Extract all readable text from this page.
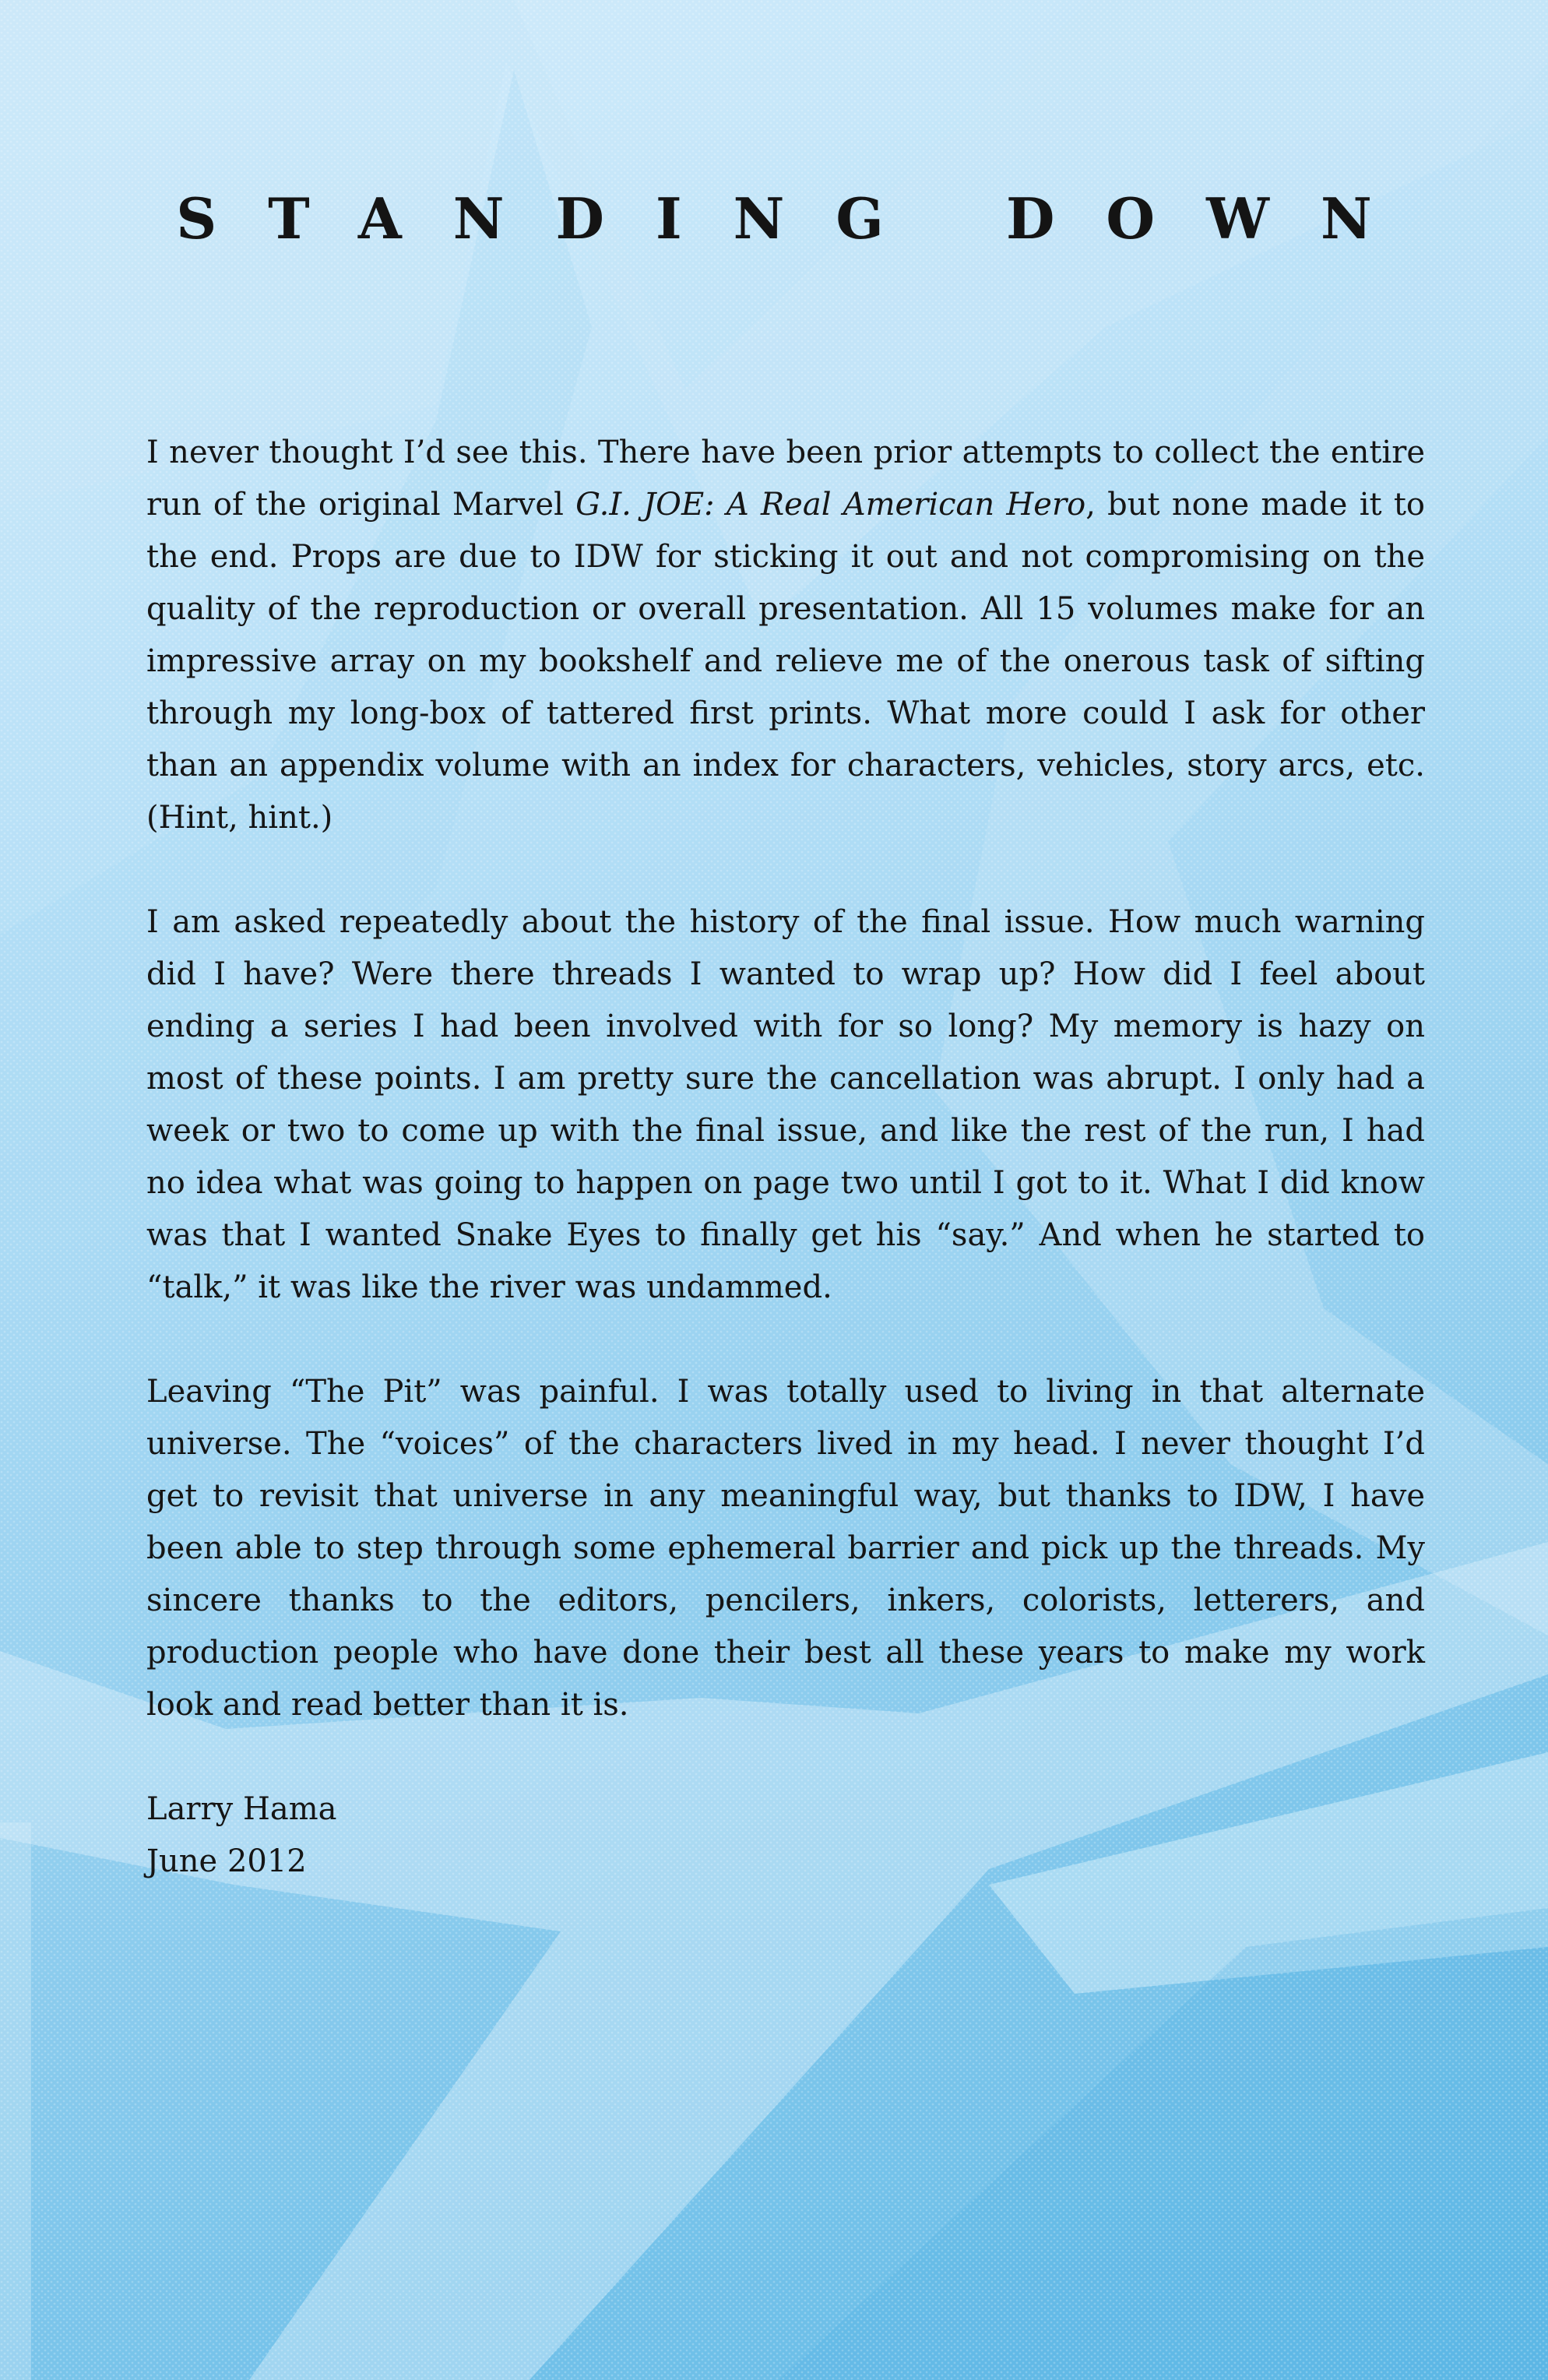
STANDING DOWN

I never thought I’d see this. There have been prior attempts to collect the entire run of the original Marvel G.I. JOE: A Real American Hero, but none made it to the end. Props are due to IDW for sticking it out and not compromising on the quality of the reproduction or overall presentation. All 15 volumes make for an impressive array on my bookshelf and relieve me of the onerous task of sifting through my long-box of tattered first prints. What more could I ask for other than an appendix volume with an index for characters, vehicles, story arcs, etc. (Hint, hint.)

I am asked repeatedly about the history of the final issue. How much warning did I have? Were there threads I wanted to wrap up? How did I feel about ending a series I had been involved with for so long? My memory is hazy on most of these points. I am pretty sure the cancellation was abrupt. I only had a week or two to come up with the final issue, and like the rest of the run, I had no idea what was going to happen on page two until I got to it. What I did know was that I wanted Snake Eyes to finally get his “say.” And when he started to “talk,” it was like the river was undammed.

Leaving “The Pit” was painful. I was totally used to living in that alternate universe. The “voices” of the characters lived in my head. I never thought I’d get to revisit that universe in any meaningful way, but thanks to IDW, I have been able to step through some ephemeral barrier and pick up the threads. My sincere thanks to the editors, pencilers, inkers, colorists, letterers, and production people who have done their best all these years to make my work look and read better than it is.

Larry Hama
June 2012
